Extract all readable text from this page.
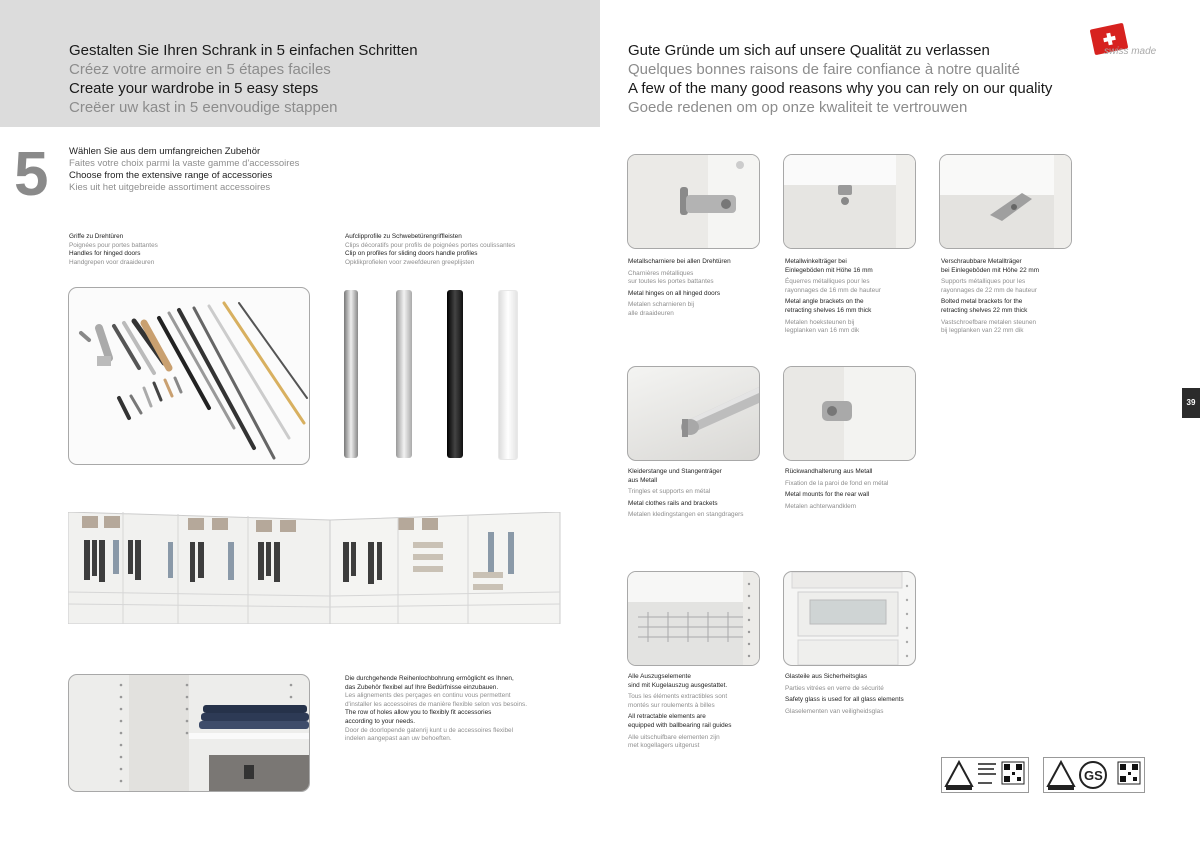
Gestalten Sie Ihren Schrank in 5 einfachen Schritten
Créez votre armoire en 5 étapes faciles
Create your wardrobe in 5 easy steps
Creëer uw kast in 5 eenvoudige stappen
Gute Gründe um sich auf unsere Qualität zu verlassen
Quelques bonnes raisons de faire confiance à notre qualité
A few of the many good reasons why you can rely on our quality
Goede redenen om op onze kwaliteit te vertrouwen
swiss made
5 Wählen Sie aus dem umfangreichen Zubehör
Faites votre choix parmi la vaste gamme d'accessoires
Choose from the extensive range of accessories
Kies uit het uitgebreide assortiment accessoires
Griffe zu Drehtüren
Poignées pour portes battantes
Handles for hinged doors
Handgrepen voor draaideuren
Aufclipprofile zu Schwebetürengriffleisten
Clips décoratifs pour profils de poignées portes coulissantes
Clip on profiles for sliding doors handle profiles
Opklikprofielen voor zweefdeuren greeplijsten
Die durchgehende Reihenlochbohrung ermöglicht es Ihnen,
das Zubehör flexibel auf Ihre Bedürfnisse einzubauen.
Les alignements des perçages en continu vous permettent
d'installer les accessoires de manière flexible selon vos besoins.
The row of holes allow you to flexibly fit accessories
according to your needs.
Door de doorlopende gatenrij kunt u de accessoires flexibel
indelen aangepast aan uw behoeften.
Metallscharniere bei allen Drehtüren
Charnières métalliques
sur toutes les portes battantes
Metal hinges on all hinged doors
Metalen scharnieren bij
alle draaideuren
Metallwinkelträger bei
Einlegeböden mit Höhe 16 mm
Équerres métalliques pour les
rayonnages de 16 mm de hauteur
Metal angle brackets on the
retracting shelves 16 mm thick
Metalen hoeksteunen bij
legplanken van 16 mm dik
Verschraubbare Metallträger
bei Einlegeböden mit Höhe 22 mm
Supports métalliques pour les
rayonnages de 22 mm de hauteur
Bolted metal brackets for the
retracting shelves 22 mm thick
Vastschroefbare metalen steunen
bij legplanken van 22 mm dik
Kleiderstange und Stangenträger
aus Metall
Tringles et supports en métal
Metal clothes rails and brackets
Metalen kledingstangen en stangdragers
Rückwandhalterung aus Metall
Fixation de la paroi de fond en métal
Metal mounts for the rear wall
Metalen achterwandklem
Alle Auszugselemente
sind mit Kugelauszug ausgestattet.
Tous les éléments extractibles sont
montés sur roulements à billes
All retractable elements are
equipped with ballbearing rail guides
Alle uitschuifbare elementen zijn
met kogellagers uitgerust
Glasteile aus Sicherheitsglas
Parties vitrées en verre de sécurité
Safety glass is used for all glass elements
Glaselementen van veiligheidsglas
GS
39
